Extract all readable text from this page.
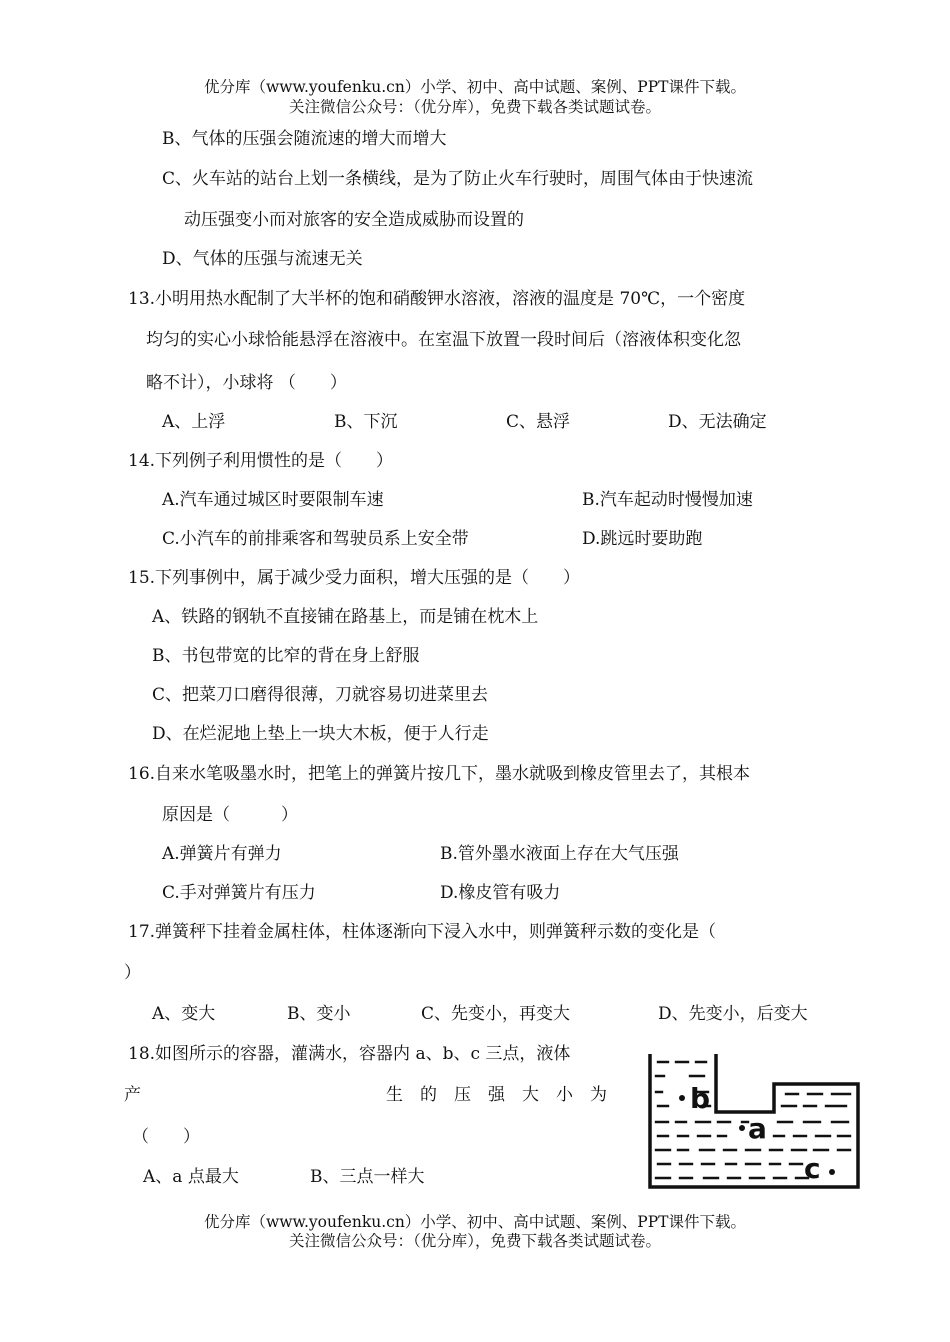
优分库（www.youfenku.cn）小学、初中、高中试题、案例、PPT课件下载。
关注微信公众号：（优分库），免费下载各类试题试卷。
B、气体的压强会随流速的增大而增大
C、火车站的站台上划一条横线，是为了防止火车行驶时，周围气体由于快速流
动压强变小而对旅客的安全造成威胁而设置的
D、气体的压强与流速无关
13.小明用热水配制了大半杯的饱和硝酸钾水溶液，溶液的温度是 70℃，一个密度
均匀的实心小球恰能悬浮在溶液中。在室温下放置一段时间后（溶液体积变化忽
略不计），小球将 （　　）
A、上浮	B、下沉	C、悬浮	D、无法确定
14.下列例子利用惯性的是（　　）
A.汽车通过城区时要限制车速	B.汽车起动时慢慢加速
C.小汽车的前排乘客和驾驶员系上安全带	D.跳远时要助跑
15.下列事例中，属于减少受力面积，增大压强的是（　　）
A、铁路的钢轨不直接铺在路基上，而是铺在枕木上
B、书包带宽的比窄的背在身上舒服
C、把菜刀口磨得很薄，刀就容易切进菜里去
D、在烂泥地上垫上一块大木板，便于人行走
16.自来水笔吸墨水时，把笔上的弹簧片按几下，墨水就吸到橡皮管里去了，其根本
原因是（　　　）
A.弹簧片有弹力	B.管外墨水液面上存在大气压强
C.手对弹簧片有压力	D.橡皮管有吸力
17.弹簧秤下挂着金属柱体，柱体逐渐向下浸入水中，则弹簧秤示数的变化是（
）
A、变大	B、变小	C、先变小，再变大	D、先变小，后变大
18.如图所示的容器，灌满水，容器内 a、b、c 三点，液体
产	生　的　压　强　大　小　为
（　　）
A、a 点最大	B、三点一样大
b
a
c
优分库（www.youfenku.cn）小学、初中、高中试题、案例、PPT课件下载。
关注微信公众号：（优分库），免费下载各类试题试卷。
